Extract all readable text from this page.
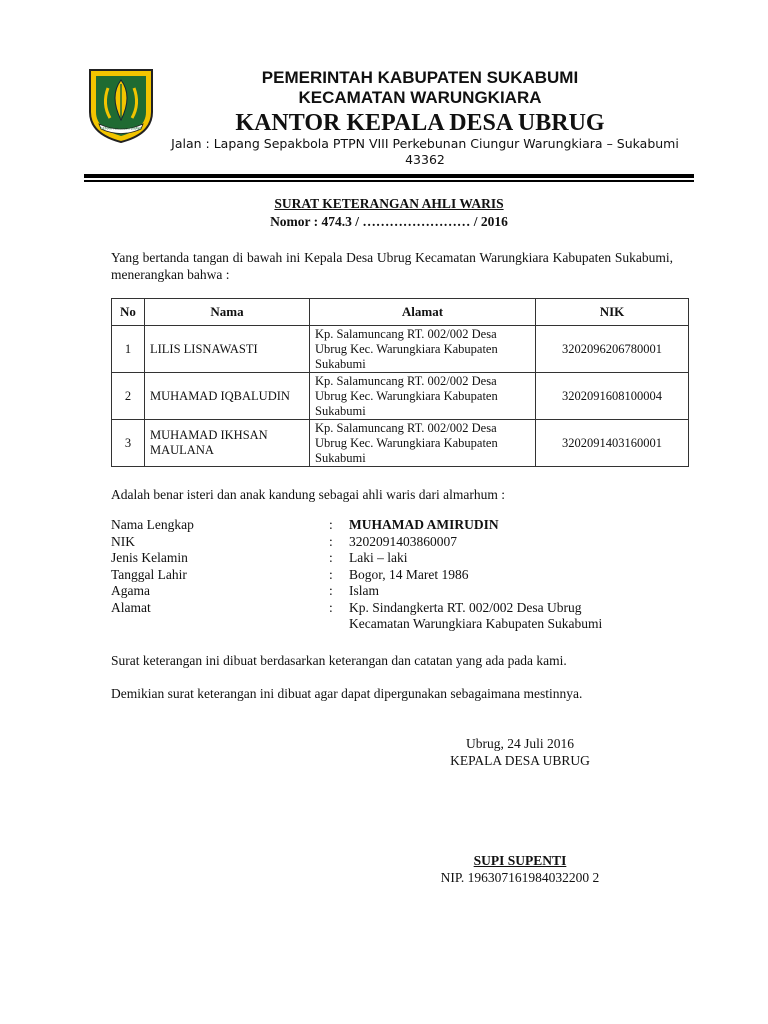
GEMAH RIPAH LOH JINAWI
PEMERINTAH KABUPATEN SUKABUMI
KECAMATAN WARUNGKIARA
KANTOR KEPALA DESA UBRUG
Jalan : Lapang Sepakbola PTPN VIII Perkebunan Ciungur Warungkiara – Sukabumi 43362
SURAT KETERANGAN AHLI WARIS
Nomor : 474.3 / …………………… / 2016
Yang bertanda tangan di bawah ini Kepala Desa Ubrug Kecamatan Warungkiara Kabupaten Sukabumi, menerangkan bahwa :
No	Nama	Alamat	NIK
1	LILIS LISNAWASTI	Kp. Salamuncang RT. 002/002 Desa Ubrug Kec. Warungkiara Kabupaten Sukabumi	3202096206780001
2	MUHAMAD IQBALUDIN	Kp. Salamuncang RT. 002/002 Desa Ubrug Kec. Warungkiara Kabupaten Sukabumi	3202091608100004
3	MUHAMAD IKHSAN MAULANA	Kp. Salamuncang RT. 002/002 Desa Ubrug Kec. Warungkiara Kabupaten Sukabumi	3202091403160001
Adalah benar isteri dan anak kandung sebagai ahli waris dari almarhum :
Nama Lengkap	: MUHAMAD AMIRUDIN
NIK	: 3202091403860007
Jenis Kelamin	: Laki – laki
Tanggal Lahir	: Bogor, 14 Maret 1986
Agama	: Islam
Alamat	: Kp. Sindangkerta RT. 002/002 Desa Ubrug
Kecamatan Warungkiara Kabupaten Sukabumi
Surat keterangan ini dibuat berdasarkan keterangan dan catatan yang ada pada kami.
Demikian surat keterangan ini dibuat agar dapat dipergunakan sebagaimana mestinnya.
Ubrug, 24 Juli 2016
KEPALA DESA UBRUG
SUPI SUPENTI
NIP. 196307161984032200 2
